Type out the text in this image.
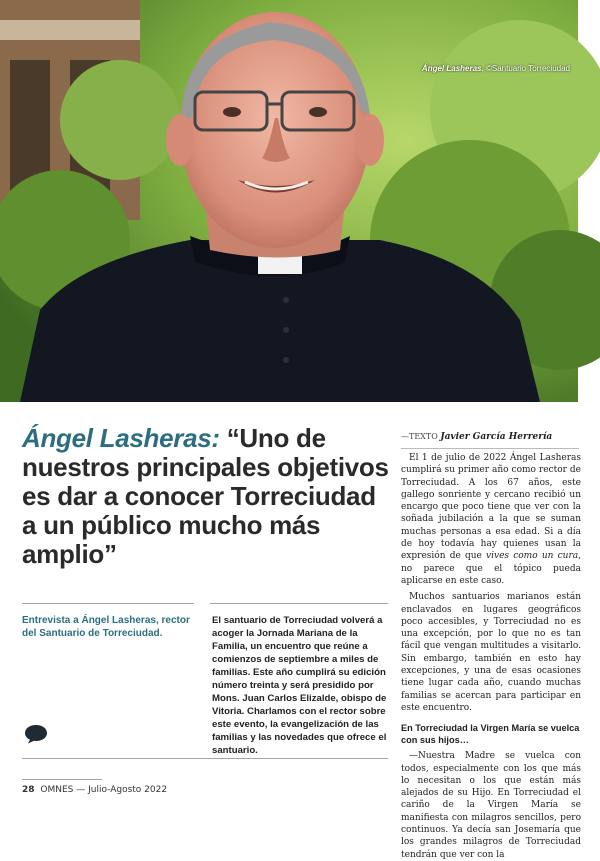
Ángel Lasheras. ©Santuario Torreciudad
Ángel Lasheras: “Uno de nuestros principales objetivos es dar a conocer Torreciudad a un público mucho más amplio”
Entrevista a Ángel Lasheras, rector del Santuario de Torreciudad.
El santuario de Torreciudad volverá a acoger la Jornada Mariana de la Familia, un encuentro que reúne a comienzos de septiembre a miles de familias. Este año cumplirá su edición número treinta y será presidido por Mons. Juan Carlos Elizalde, obispo de Vitoria. Charlamos con el rector sobre este evento, la evangelización de las familias y las novedades que ofrece el santuario.
—TEXTO Javier García Herrería

El 1 de julio de 2022 Ángel Lasheras cumplirá su primer año como rector de Torreciudad. A los 67 años, este gallego sonriente y cercano recibió un encargo que poco tiene que ver con la soñada jubilación a la que se suman muchas personas a esa edad. Si a día de hoy todavía hay quienes usan la expresión de que vives como un cura, no parece que el tópico pueda aplicarse en este caso.

Muchos santuarios marianos están enclavados en lugares geográficos poco accesibles, y Torreciudad no es una excepción, por lo que no es tan fácil que vengan multitudes a visitarlo. Sin embargo, también en esto hay excepciones, y una de esas ocasiones tiene lugar cada año, cuando muchas familias se acercan para participar en este encuentro.

En Torreciudad la Virgen María se vuelca con sus hijos…

—Nuestra Madre se vuelca con todos, especialmente con los que más lo necesitan o los que están más alejados de su Hijo. En Torreciudad el cariño de la Virgen María se manifiesta con milagros sencillos, pero continuos. Ya decía san Josemaría que los grandes milagros de Torreciudad tendrán que ver con la

28 OMNES — Julio-Agosto 2022
